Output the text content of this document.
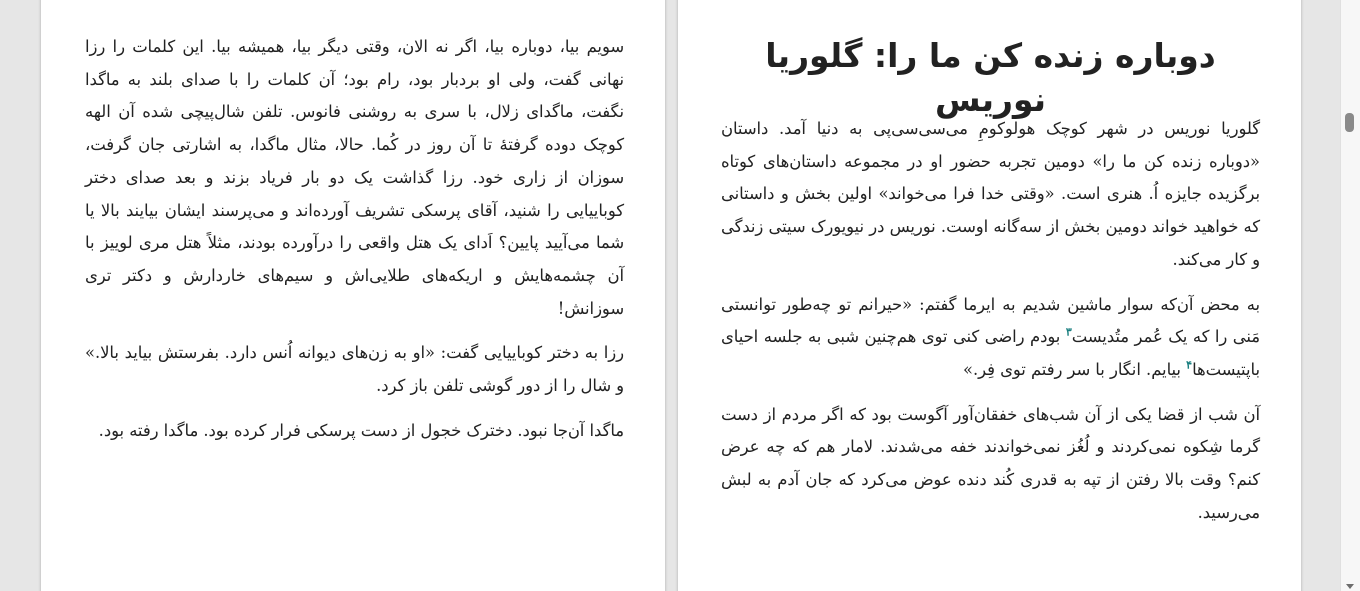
سویم بیا، دوباره بیا، اگر نه الان، وقتی دیگر بیا، همیشه بیا. این کلمات را رزا نهانی گفت، ولی او بردبار بود، رام بود؛ آن کلمات را با صدای بلند به ماگدا نگفت، ماگدای زلال، با سری به روشنی فانوس. تلفن شال‌پیچی شده آن الهه کوچک دوده گرفتهٔ تا آن روز در کُما. حالا، مثال ماگدا، به اشارتی جان گرفت، سوزان از زاری خود. رزا گذاشت یک دو بار فریاد بزند و بعد صدای دختر کوباییایی را شنید، آقای پرسکی تشریف آورده‌اند و می‌پرسند ایشان بیایند بالا یا شما می‌آیید پایین؟ اَدای یک هتل واقعی را درآورده بودند، مثلاً هتل مری لوییز با آن چشمه‌هایش و اریکه‌های طلایی‌اش و سیم‌های خاردارش و دکتر تری سوزانش!

رزا به دختر کوباییایی گفت: «او به زن‌های دیوانه اُنس دارد. بفرستش بیاید بالا.» و شال را از دور گوشی تلفن باز کرد.

ماگدا آن‌جا نبود. دخترک خجول از دست پرسکی فرار کرده بود. ماگدا رفته بود.

دوباره زنده کن ما را: گلوریا نوریس

گلوریا نوریس در شهر کوچک هولوکومِ می‌سی‌سی‌پی به دنیا آمد. داستان «دوباره زنده کن ما را» دومین تجربه حضور او در مجموعه داستان‌های کوتاه برگزیده جایزه اُ. هنری است. «وقتی خدا فرا می‌خواند» اولین بخش و داستانی که خواهید خواند دومین بخش از سه‌گانه اوست. نوریس در نیویورک سیتی زندگی و کار می‌کند.

به محض آن‌که سوار ماشین شدیم به ایرما گفتم: «حیرانم تو چه‌طور توانستی مَنی را که یک عُمر متُدیست$^۳$ بودم راضی کنی توی هم‌چنین شبی به جلسه احیای باپتیست‌ها$^۴$ بیایم. انگار با سر رفتم توی فِر.»

آن شب از قضا یکی از آن شب‌های خفقان‌آور آگوست بود که اگر مردم از دست گرما شِکوه نمی‌کردند و لُغُز نمی‌خواندند خفه می‌شدند. لامار هم که چه عرض کنم؟ وقت بالا رفتن از تپه به قدری کُند دنده عوض می‌کرد که جان آدم به لبش می‌رسید.
